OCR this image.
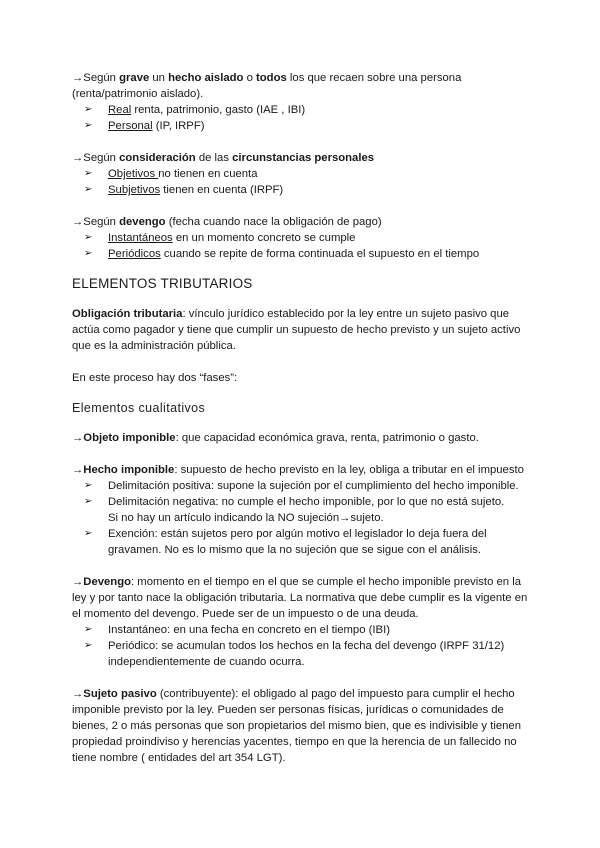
→Según grave un hecho aislado o todos los que recaen sobre una persona

(renta/patrimonio aislado).

➢ Real renta, patrimonio, gasto (IAE , IBI)
➢ Personal (IP, IRPF)

→Según consideración de las circunstancias personales

➢ Objetivos no tienen en cuenta
➢ Subjetivos tienen en cuenta (IRPF)

→Según devengo (fecha cuando nace la obligación de pago)

➢ Instantáneos en un momento concreto se cumple
➢ Periódicos cuando se repite de forma continuada el supuesto en el tiempo
ELEMENTOS TRIBUTARIOS

Obligación tributaria: vínculo jurídico establecido por la ley entre un sujeto pasivo que

actúa como pagador y tiene que cumplir un supuesto de hecho previsto y un sujeto activo

que es la administración pública.

En este proceso hay dos “fases”:

Elementos cualitativos

→Objeto imponible: que capacidad económica grava, renta, patrimonio o gasto.

→Hecho imponible: supuesto de hecho previsto en la ley, obliga a tributar en el impuesto

➢ Delimitación positiva: supone la sujeción por el cumplimiento del hecho imponible.
➢ Delimitación negativa: no cumple el hecho imponible, por lo que no está sujeto.
Si no hay un artículo indicando la NO sujeción→sujeto.
➢ Exención: están sujetos pero por algún motivo el legislador lo deja fuera del
gravamen. No es lo mismo que la no sujeción que se sigue con el análisis.

→Devengo: momento en el tiempo en el que se cumple el hecho imponible previsto en la

ley y por tanto nace la obligación tributaria. La normativa que debe cumplir es la vigente en

el momento del devengo. Puede ser de un impuesto o de una deuda.

➢ Instantáneo: en una fecha en concreto en el tiempo (IBI)
➢ Periódico: se acumulan todos los hechos en la fecha del devengo (IRPF 31/12)
independientemente de cuando ocurra.

→Sujeto pasivo (contribuyente): el obligado al pago del impuesto para cumplir el hecho

imponible previsto por la ley. Pueden ser personas físicas, jurídicas o comunidades de

bienes, 2 o más personas que son propietarios del mismo bien, que es indivisible y tienen

propiedad proindiviso y herencias yacentes, tiempo en que la herencia de un fallecido no

tiene nombre ( entidades del art 354 LGT).
